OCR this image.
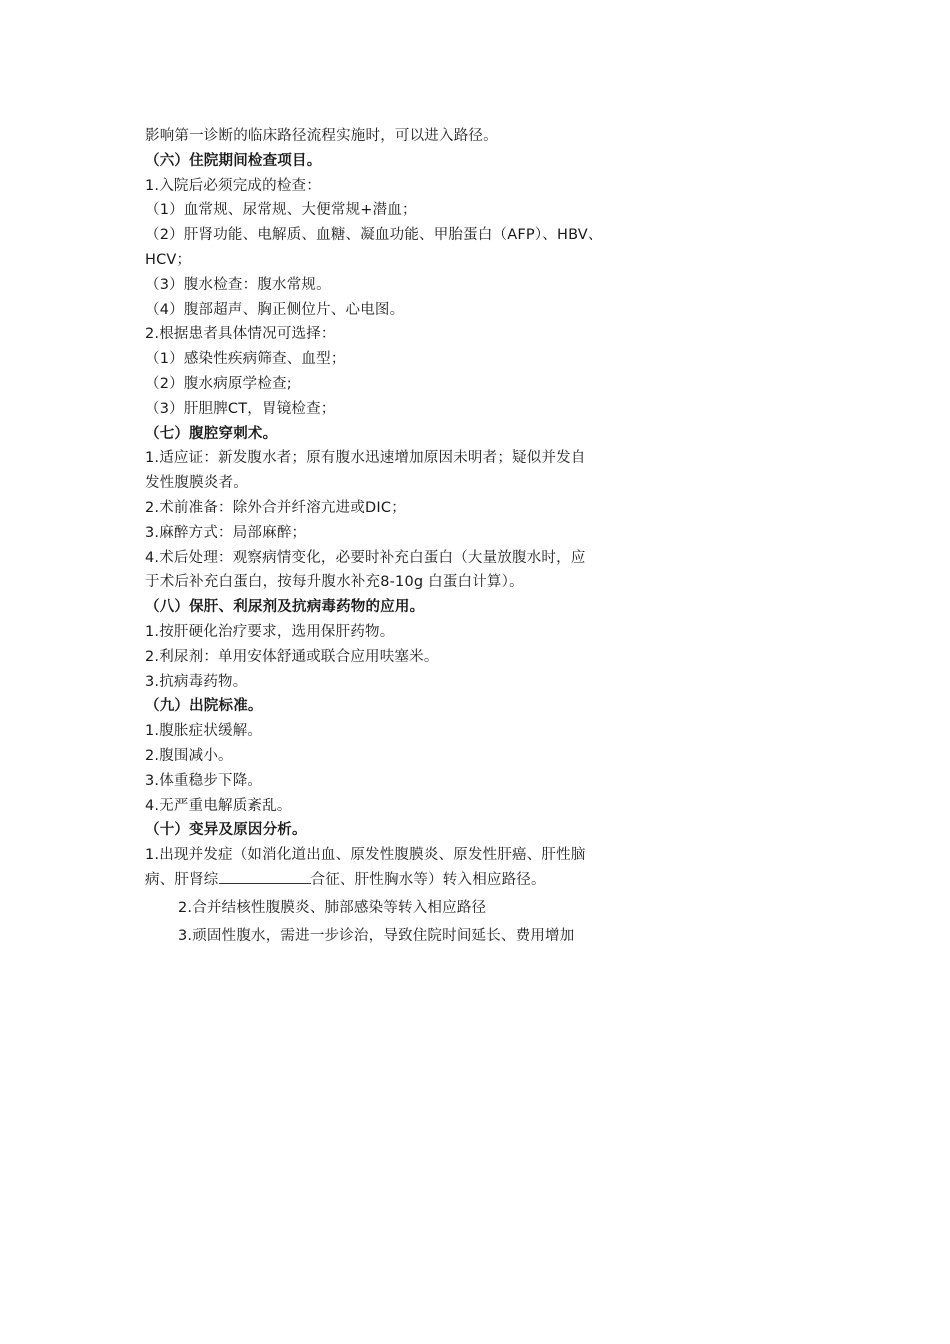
影响第一诊断的临床路径流程实施时，可以进入路径。
（六）住院期间检查项目。
1.入院后必须完成的检查：
（1）血常规、尿常规、大便常规+潜血；
（2）肝肾功能、电解质、血糖、凝血功能、甲胎蛋白（AFP）、HBV、
HCV；
（3）腹水检查：腹水常规。
（4）腹部超声、胸正侧位片、心电图。
2.根据患者具体情况可选择：
（1）感染性疾病筛查、血型；
（2）腹水病原学检查;
（3）肝胆脾CT，胃镜检查；
（七）腹腔穿刺术。
1.适应证：新发腹水者；原有腹水迅速增加原因未明者；疑似并发自
发性腹膜炎者。
2.术前准备：除外合并纤溶亢进或DIC；
3.麻醉方式：局部麻醉；
4.术后处理：观察病情变化，必要时补充白蛋白（大量放腹水时，应
于术后补充白蛋白，按每升腹水补充8-10g 白蛋白计算）。
（八）保肝、利尿剂及抗病毒药物的应用。
1.按肝硬化治疗要求，选用保肝药物。
2.利尿剂：单用安体舒通或联合应用呋塞米。
3.抗病毒药物。
（九）出院标准。
1.腹胀症状缓解。
2.腹围减小。
3.体重稳步下降。
4.无严重电解质紊乱。
（十）变异及原因分析。
1.出现并发症（如消化道出血、原发性腹膜炎、原发性肝癌、肝性脑
病、肝肾综	合征、肝性胸水等）转入相应路径。
2.合并结核性腹膜炎、肺部感染等转入相应路径
3.顽固性腹水，需进一步诊治，导致住院时间延长、费用增加
